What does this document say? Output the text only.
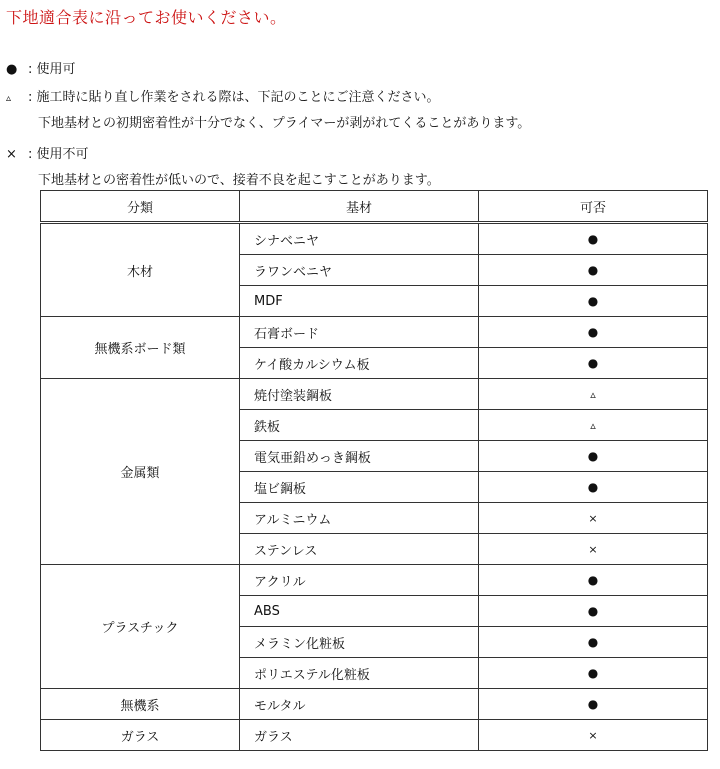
下地適合表に沿ってお使いください。
● : 使用可
▵ : 施工時に貼り直し作業をされる際は、下記のことにご注意ください。
下地基材との初期密着性が十分でなく、プライマーが剥がれてくることがあります。
× : 使用不可
下地基材との密着性が低いので、接着不良を起こすことがあります。
分類	基材	可否
木材	シナベニヤ	●
	ラワンベニヤ	●
	MDF	●
無機系ボード類	石膏ボード	●
	ケイ酸カルシウム板	●
金属類	焼付塗装鋼板	▵
	鉄板	▵
	電気亜鉛めっき鋼板	●
	塩ビ鋼板	●
	アルミニウム	×
	ステンレス	×
プラスチック	アクリル	●
	ABS	●
	メラミン化粧板	●
	ポリエステル化粧板	●
無機系	モルタル	●
ガラス	ガラス	×
